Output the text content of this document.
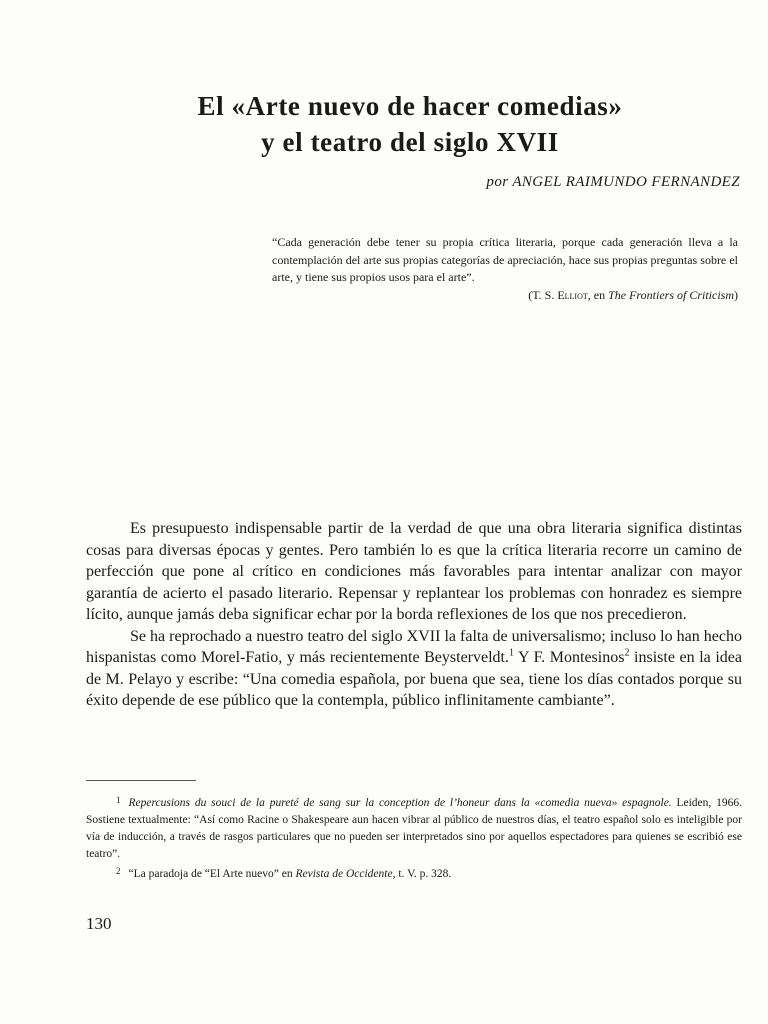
El «Arte nuevo de hacer comedias»
y el teatro del siglo XVII
por ANGEL RAIMUNDO FERNANDEZ
“Cada generación debe tener su propia crítica literaria, porque cada generación lleva a la contemplación del arte sus propias categorías de apreciación, hace sus propias preguntas sobre el arte, y tiene sus propios usos para el arte”.
(T. S. Elliot, en The Frontiers of Criticism)

Es presupuesto indispensable partir de la verdad de que una obra literaria significa distintas cosas para diversas épocas y gentes. Pero también lo es que la crítica literaria recorre un camino de perfección que pone al crítico en condiciones más favorables para intentar analizar con mayor garantía de acierto el pasado literario. Repensar y replantear los problemas con honradez es siempre lícito, aunque jamás deba significar echar por la borda reflexiones de los que nos precedieron.

Se ha reprochado a nuestro teatro del siglo XVII la falta de universalismo; incluso lo han hecho hispanistas como Morel-Fatio, y más recientemente Beysterveldt.$^1$ Y F. Montesinos$^2$ insiste en la idea de M. Pelayo y escribe: “Una comedia española, por buena que sea, tiene los días contados porque su éxito depende de ese público que la contempla, público inflinitamente cambiante”.

$^1$ Repercusions du souci de la pureté de sang sur la conception de l’honeur dans la «comedia nueva» espagnole. Leiden, 1966. Sostiene textualmente: “Así como Racine o Shakespeare aun hacen vibrar al público de nuestros días, el teatro español solo es inteligible por vía de inducción, a través de rasgos particulares que no pueden ser interpretados sino por aquellos espectadores para quienes se escribió ese teatro”.

$^2$ “La paradoja de “El Arte nuevo” en Revista de Occidente, t. V. p. 328.

130
